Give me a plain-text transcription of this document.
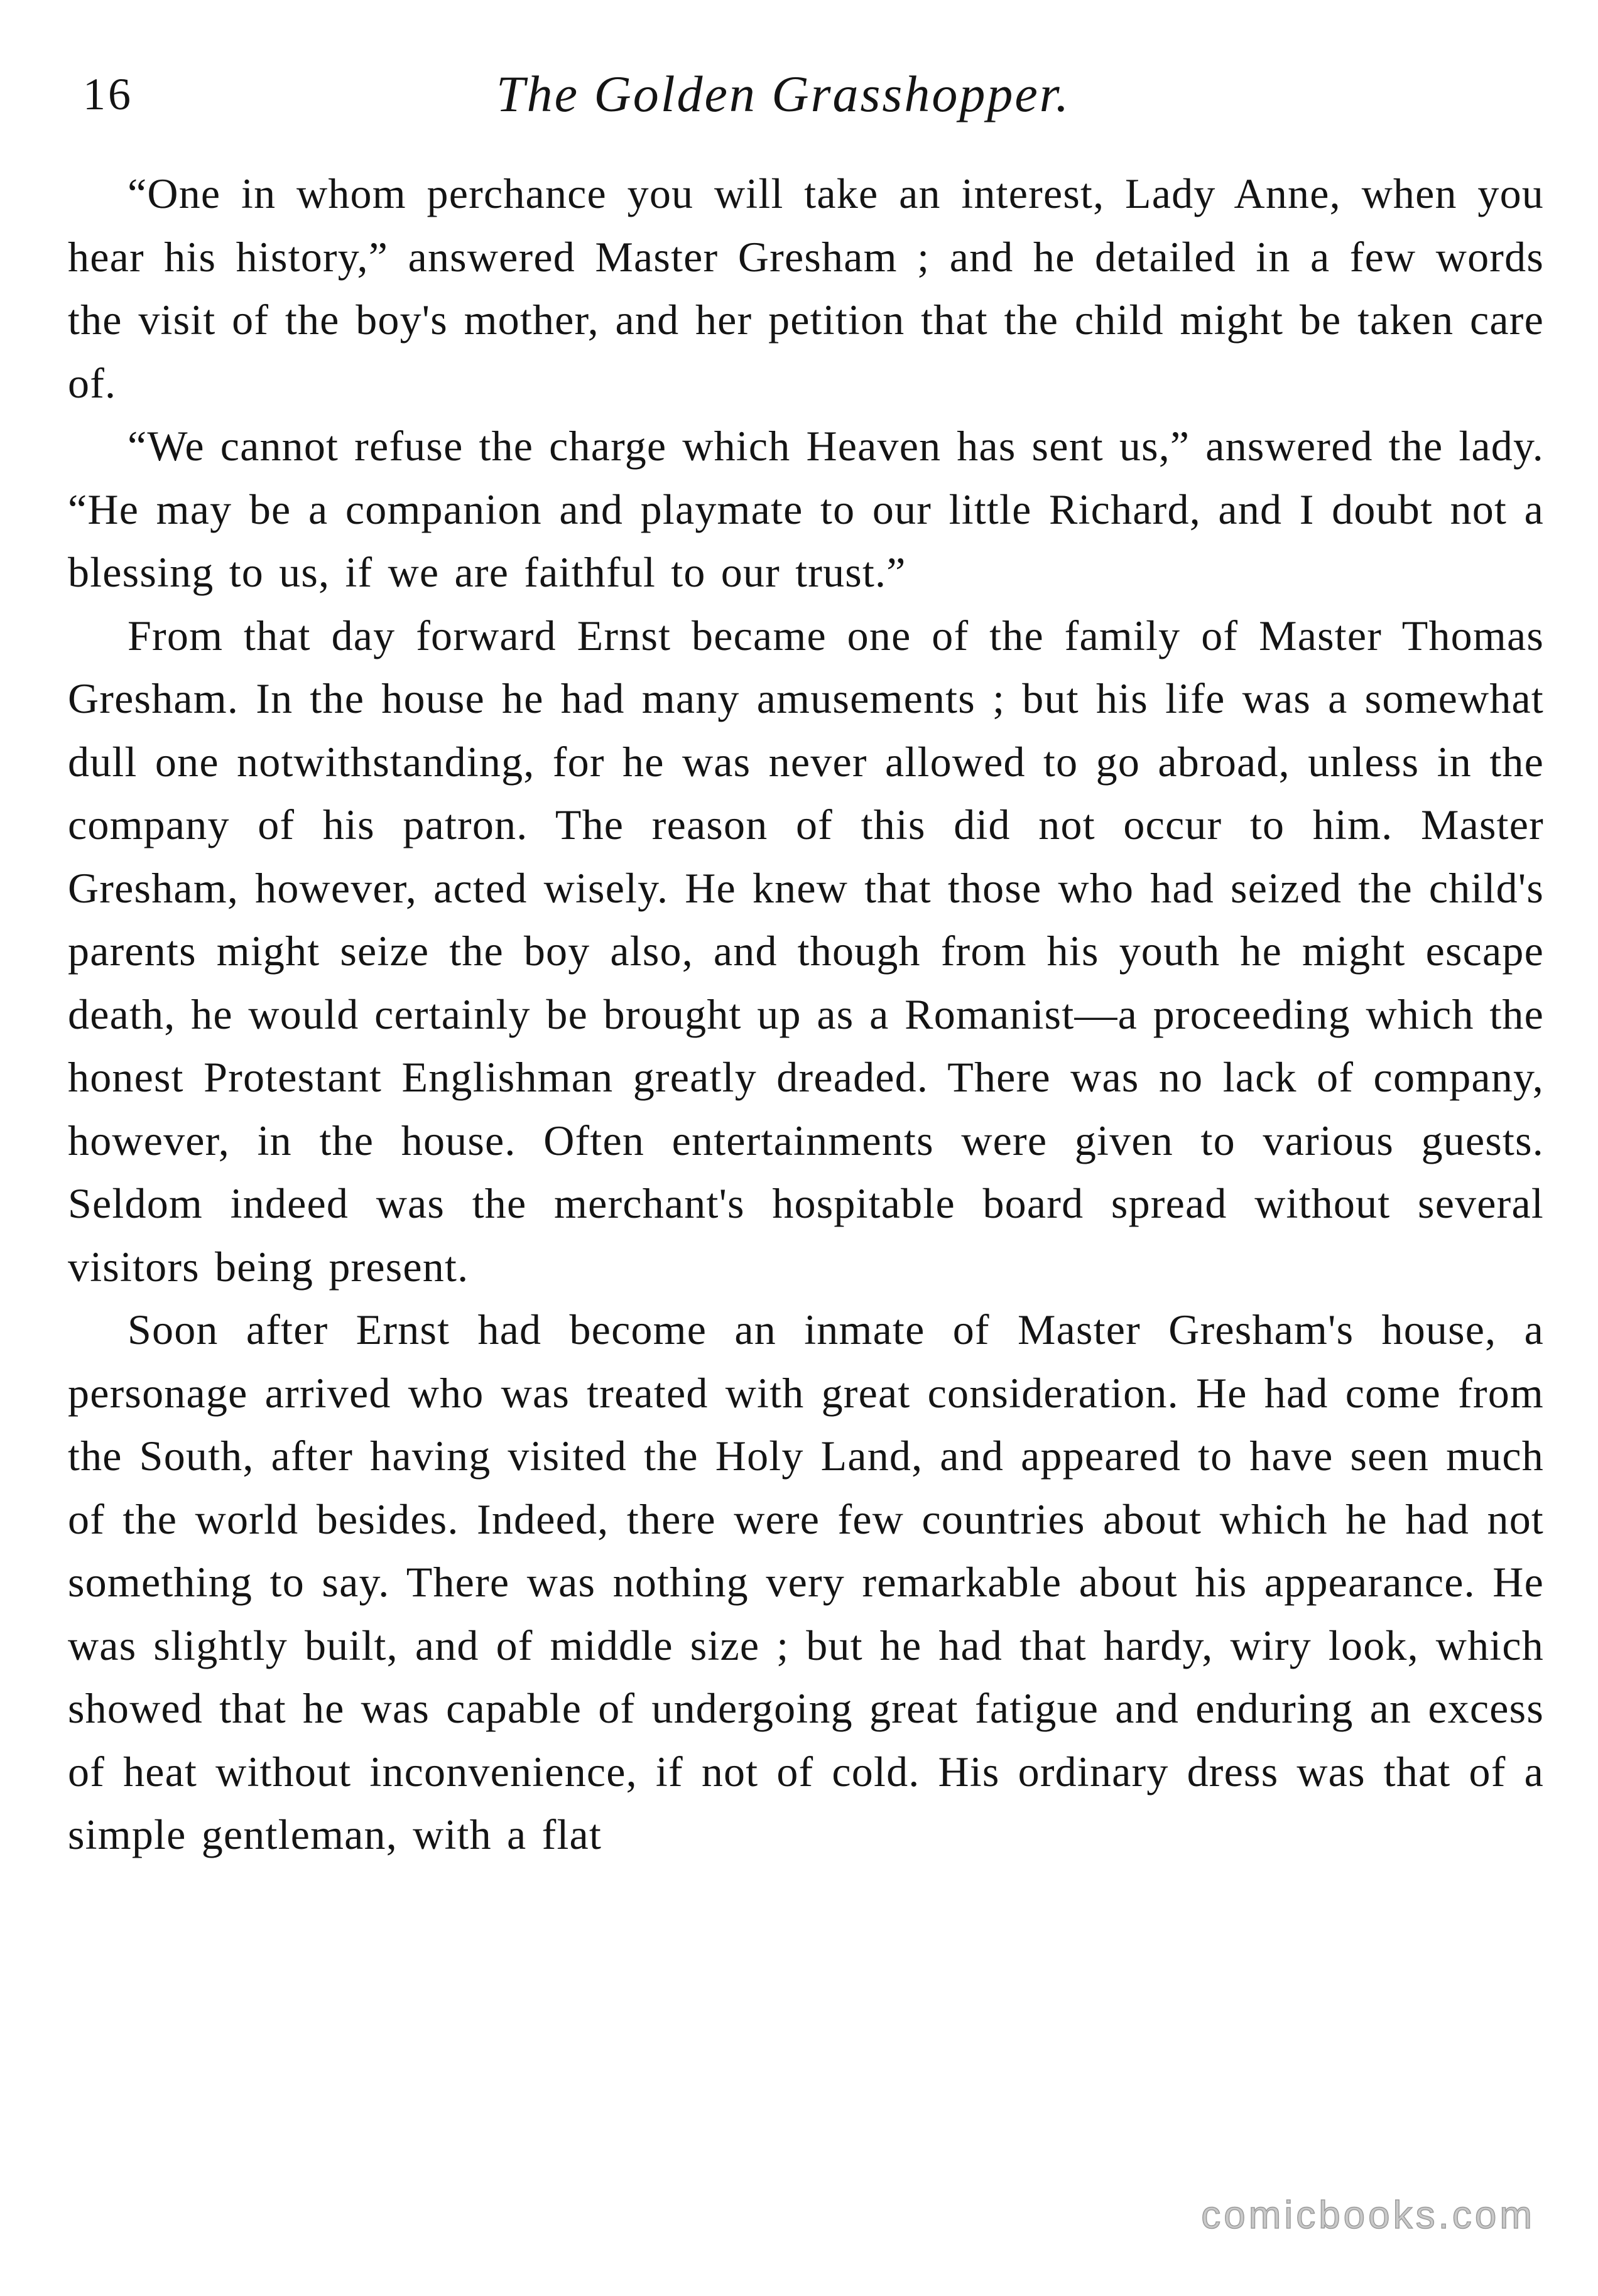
16	The Golden Grasshopper.

“One in whom perchance you will take an interest, Lady Anne, when you hear his history,” answered Master Gresham ; and he detailed in a few words the visit of the boy's mother, and her petition that the child might be taken care of.

“We cannot refuse the charge which Heaven has sent us,” answered the lady. “He may be a companion and playmate to our little Richard, and I doubt not a blessing to us, if we are faithful to our trust.”

From that day forward Ernst became one of the family of Master Thomas Gresham. In the house he had many amusements ; but his life was a somewhat dull one notwithstanding, for he was never allowed to go abroad, unless in the company of his patron. The reason of this did not occur to him. Master Gresham, however, acted wisely. He knew that those who had seized the child's parents might seize the boy also, and though from his youth he might escape death, he would certainly be brought up as a Romanist—a proceeding which the honest Protestant Englishman greatly dreaded. There was no lack of company, however, in the house. Often entertainments were given to various guests. Seldom indeed was the merchant's hospitable board spread without several visitors being present.

Soon after Ernst had become an inmate of Master Gresham's house, a personage arrived who was treated with great consideration. He had come from the South, after having visited the Holy Land, and appeared to have seen much of the world besides. Indeed, there were few countries about which he had not something to say. There was nothing very remarkable about his appearance. He was slightly built, and of middle size ; but he had that hardy, wiry look, which showed that he was capable of undergoing great fatigue and enduring an excess of heat without inconvenience, if not of cold. His ordinary dress was that of a simple gentleman, with a flat

comicbooks.com
